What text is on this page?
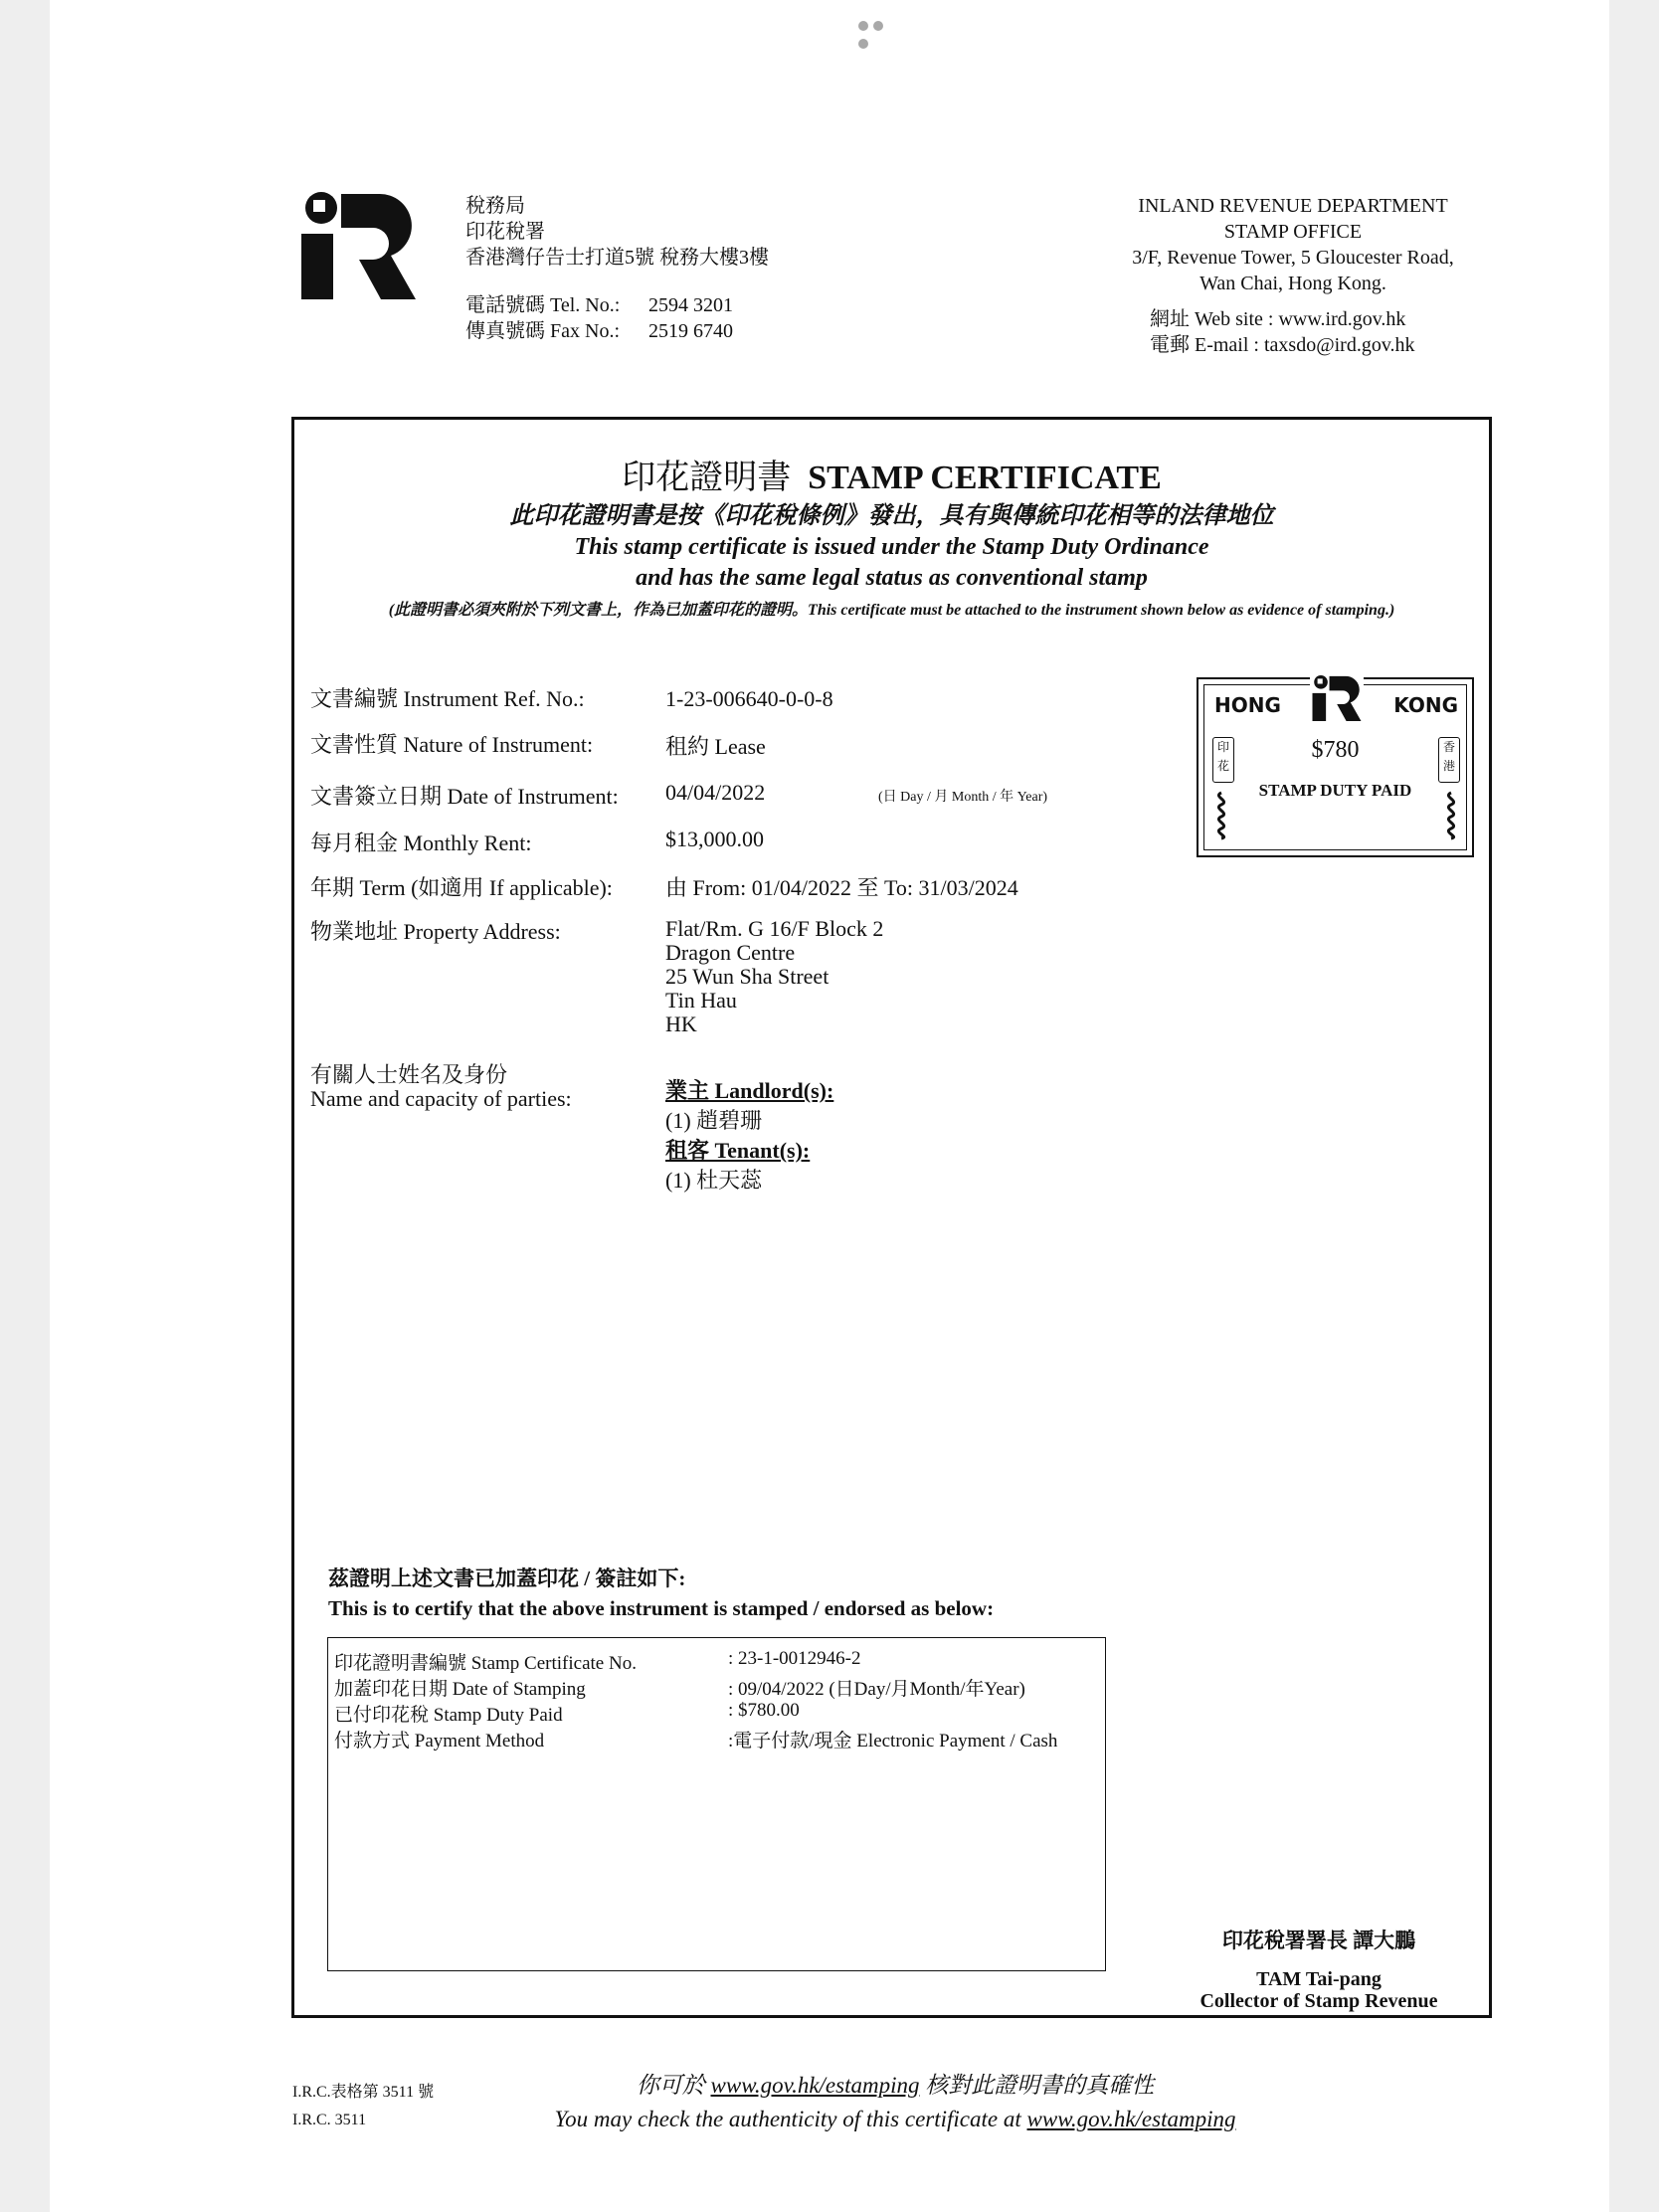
稅務局
印花稅署
香港灣仔告士打道5號 稅務大樓3樓
電話號碼 Tel. No.: 2594 3201
傳真號碼 Fax No.: 2519 6740
INLAND REVENUE DEPARTMENT
STAMP OFFICE
3/F, Revenue Tower, 5 Gloucester Road,
Wan Chai, Hong Kong.
網址 Web site : www.ird.gov.hk
電郵 E-mail : taxsdo@ird.gov.hk
印花證明書 STAMP CERTIFICATE
此印花證明書是按《印花稅條例》發出，具有與傳統印花相等的法律地位
This stamp certificate is issued under the Stamp Duty Ordinance
and has the same legal status as conventional stamp
(此證明書必須夾附於下列文書上，作為已加蓋印花的證明。This certificate must be attached to the instrument shown below as evidence of stamping.)
文書編號 Instrument Ref. No.:	1-23-006640-0-0-8
文書性質 Nature of Instrument:	租約 Lease
文書簽立日期 Date of Instrument: 04/04/2022	(日 Day / 月 Month / 年 Year)
每月租金 Monthly Rent:	$13,000.00
年期 Term (如適用 If applicable): 由 From: 01/04/2022 至 To: 31/03/2024
物業地址 Property Address:	Flat/Rm. G 16/F Block 2
Dragon Centre
25 Wun Sha Street
Tin Hau
HK
有關人士姓名及身份
Name and capacity of parties:	業主 Landlord(s):
(1) 趙碧珊
租客 Tenant(s):
(1) 杜天蕊
HONG	KONG
印花
香港
$780
STAMP DUTY PAID
茲證明上述文書已加蓋印花 / 簽註如下:
This is to certify that the above instrument is stamped / endorsed as below:
印花證明書編號 Stamp Certificate No.	: 23-1-0012946-2
加蓋印花日期 Date of Stamping	: 09/04/2022 (日Day/月Month/年Year)
已付印花稅 Stamp Duty Paid	: $780.00
付款方式 Payment Method	:電子付款/現金 Electronic Payment / Cash
印花稅署署長 譚大鵬
TAM Tai-pang
Collector of Stamp Revenue
I.R.C.表格第 3511 號
I.R.C. 3511
你可於 www.gov.hk/estamping 核對此證明書的真確性
You may check the authenticity of this certificate at www.gov.hk/estamping
